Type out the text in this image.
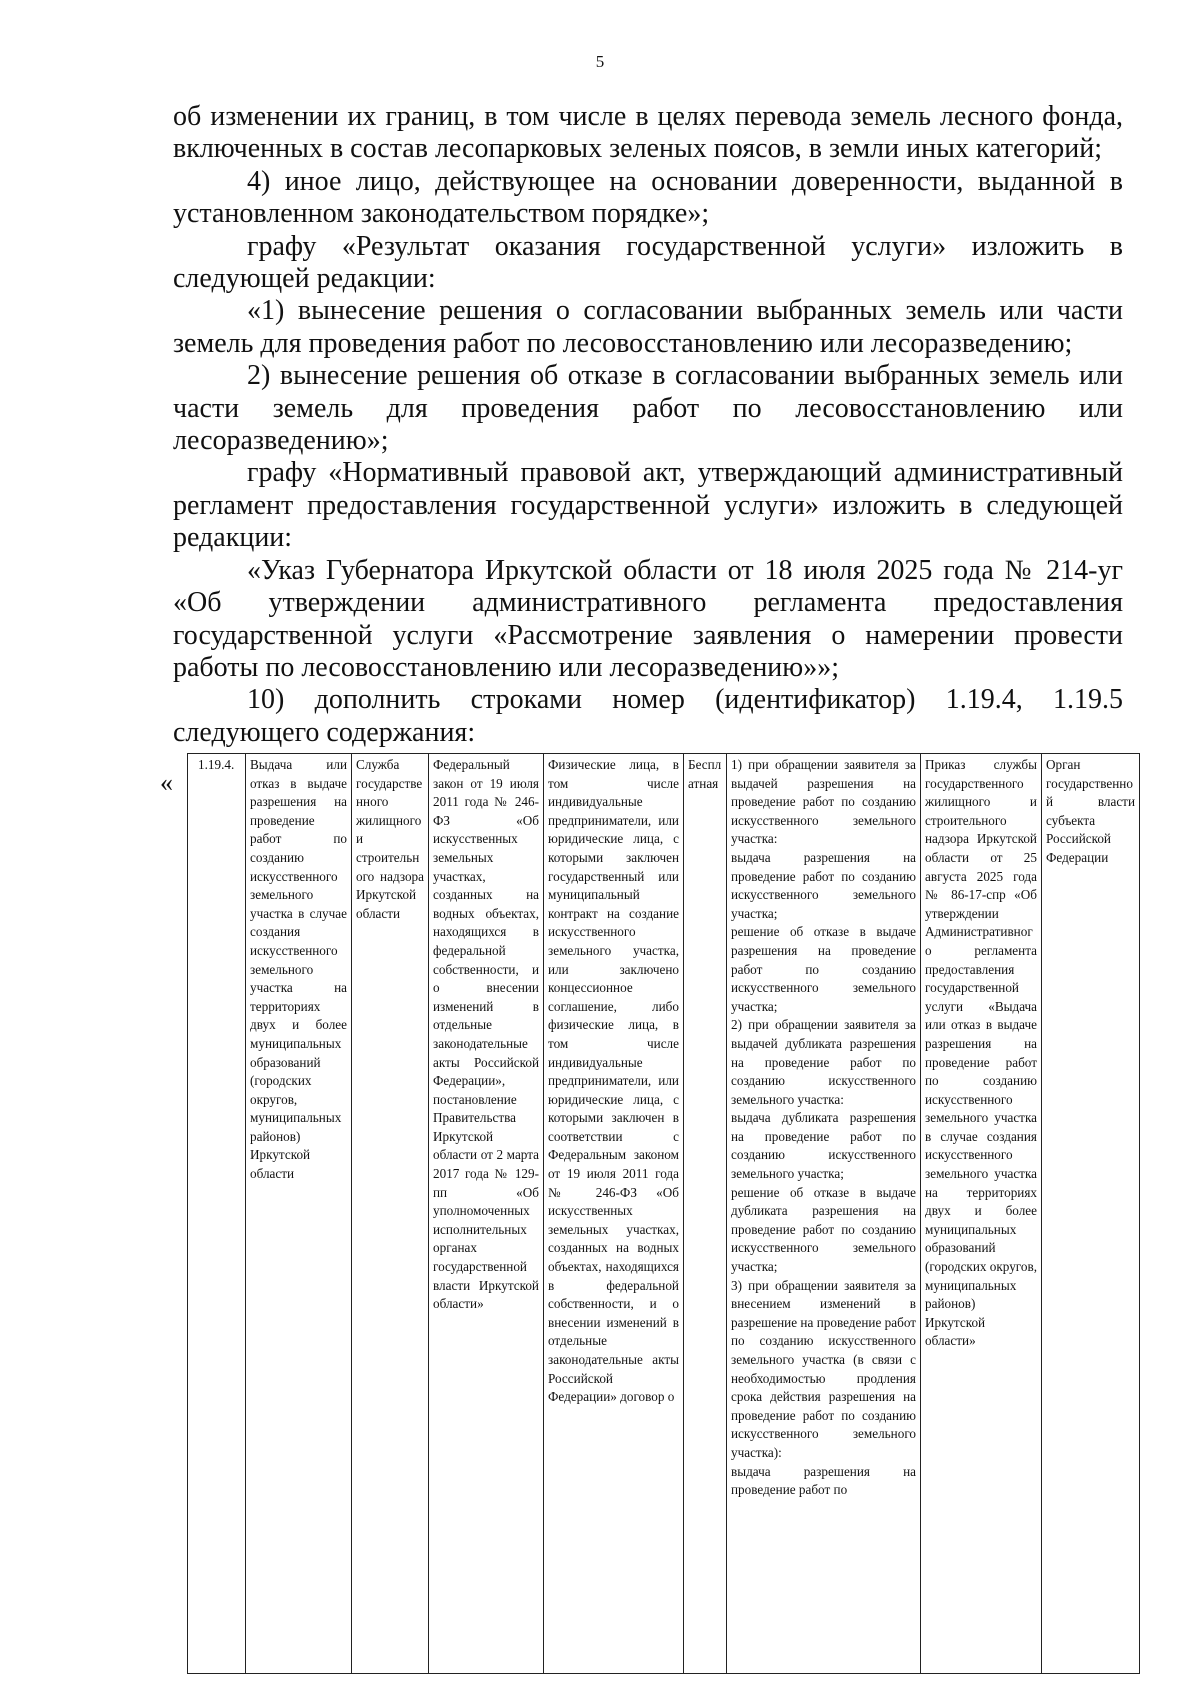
5

об изменении их границ, в том числе в целях перевода земель лесного фонда, включенных в состав лесопарковых зеленых поясов, в земли иных категорий;

4) иное лицо, действующее на основании доверенности, выданной в установленном законодательством порядке»;

графу «Результат оказания государственной услуги» изложить в следующей редакции:

«1) вынесение решения о согласовании выбранных земель или части земель для проведения работ по лесовосстановлению или лесоразведению;

2) вынесение решения об отказе в согласовании выбранных земель или части земель для проведения работ по лесовосстановлению или лесоразведению»;

графу «Нормативный правовой акт, утверждающий административный регламент предоставления государственной услуги» изложить в следующей редакции:

«Указ Губернатора Иркутской области от 18 июля 2025 года № 214-уг «Об утверждении административного регламента предоставления государственной услуги «Рассмотрение заявления о намерении провести работы по лесовосстановлению или лесоразведению»»;

10) дополнить строками номер (идентификатор) 1.19.4, 1.19.5 следующего содержания:

«
1.19.4.	Выдача или отказ в выдаче разрешения на проведение работ по созданию искусственного земельного участка в случае создания искусственного земельного участка на территориях двух и более муниципальных образований (городских округов, муниципальных районов) Иркутской области	Служба государственного жилищного и строительного надзора Иркутской области	Федеральный закон от 19 июля 2011 года № 246-ФЗ «Об искусственных земельных участках, созданных на водных объектах, находящихся в федеральной собственности, и о внесении изменений в отдельные законодательные акты Российской Федерации», постановление Правительства Иркутской области от 2 марта 2017 года № 129-пп «Об уполномоченных исполнительных органах государственной власти Иркутской области»	Физические лица, в том числе индивидуальные предприниматели, или юридические лица, с которыми заключен государственный или муниципальный контракт на создание искусственного земельного участка, или заключено концессионное соглашение, либо физические лица, в том числе индивидуальные предприниматели, или юридические лица, с которыми заключен в соответствии с Федеральным законом от 19 июля 2011 года № 246-ФЗ «Об искусственных земельных участках, созданных на водных объектах, находящихся в федеральной собственности, и о внесении изменений в отдельные законодательные акты Российской Федерации» договор о	Бесплатная	1) при обращении заявителя за выдачей разрешения на проведение работ по созданию искусственного земельного участка:
выдача разрешения на проведение работ по созданию искусственного земельного участка;
решение об отказе в выдаче разрешения на проведение работ по созданию искусственного земельного участка;
2) при обращении заявителя за выдачей дубликата разрешения на проведение работ по созданию искусственного земельного участка:
выдача дубликата разрешения на проведение работ по созданию искусственного земельного участка;
решение об отказе в выдаче дубликата разрешения на проведение работ по созданию искусственного земельного участка;
3) при обращении заявителя за внесением изменений в разрешение на проведение работ по созданию искусственного земельного участка (в связи с необходимостью продления срока действия разрешения на проведение работ по созданию искусственного земельного участка):
выдача разрешения на проведение работ по	Приказ службы государственного жилищного и строительного надзора Иркутской области от 25 августа 2025 года № 86-17-спр «Об утверждении Административного регламента предоставления государственной услуги «Выдача или отказ в выдаче разрешения на проведение работ по созданию искусственного земельного участка в случае создания искусственного земельного участка на территориях двух и более муниципальных образований (городских округов, муниципальных районов) Иркутской области»	Орган государственной власти субъекта Российской Федерации
